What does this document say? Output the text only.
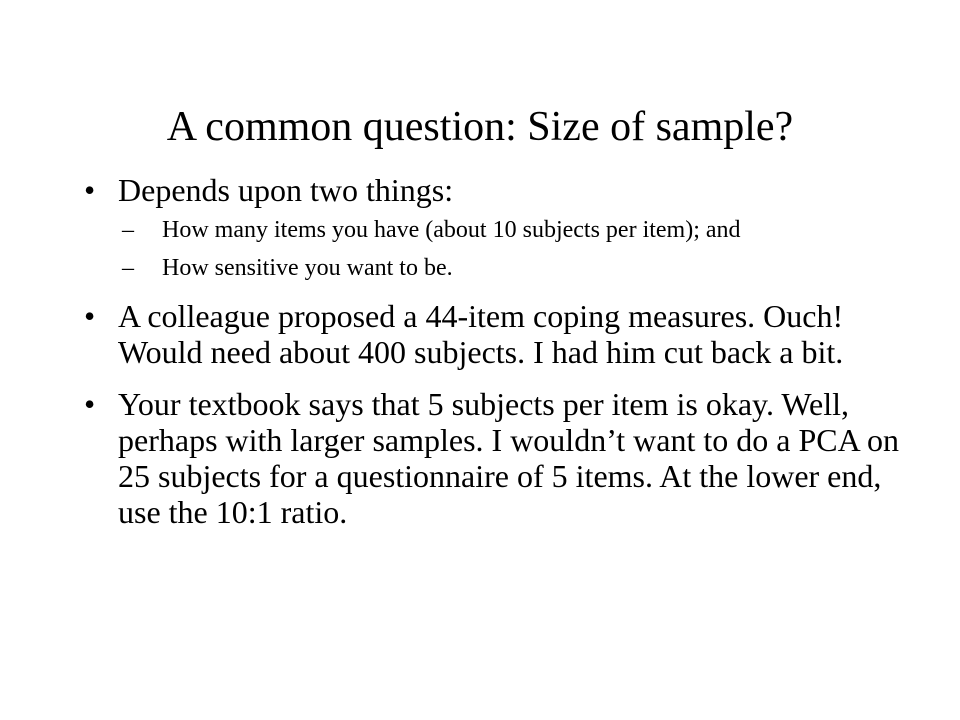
A common question: Size of sample?
• Depends upon two things:
– How many items you have (about 10 subjects per item); and
– How sensitive you want to be.
• A colleague proposed a 44-item coping measures. Ouch! Would need about 400 subjects. I had him cut back a bit.
• Your textbook says that 5 subjects per item is okay. Well, perhaps with larger samples. I wouldn’t want to do a PCA on 25 subjects for a questionnaire of 5 items. At the lower end, use the 10:1 ratio.
